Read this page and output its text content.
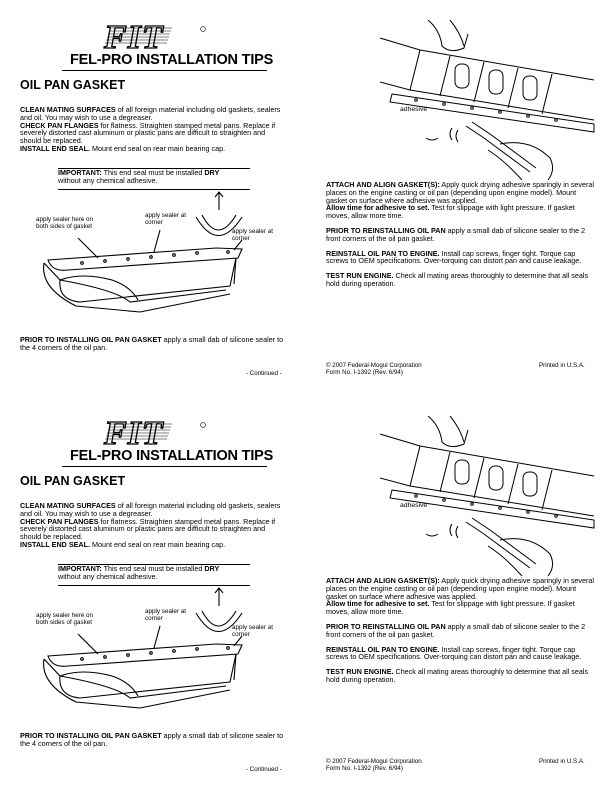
FIT
FEL-PRO INSTALLATION TIPS
OIL PAN GASKET

CLEAN MATING SURFACES of all foreign material including old gaskets, sealers and oil. You may wish to use a degreaser.

CHECK PAN FLANGES for flatness. Straighten stamped metal pans. Replace if severely distorted cast aluminum or plastic pans are difficult to straighten and should be replaced.

INSTALL END SEAL. Mount end seal on rear main bearing cap.

IMPORTANT: This end seal must be installed DRY
without any chemical adhesive.
apply sealer here on both sides of gasket
apply sealer at corner
apply sealer at corner
PRIOR TO INSTALLING OIL PAN GASKET apply a small dab of silicone sealer to the 4 corners of the oil pan.
- Continued -
adhesive

ATTACH AND ALIGN GASKET(S): Apply quick drying adhesive sparingly in several places on the engine casting or oil pan (depending upon engine model). Mount gasket on surface where adhesive was applied.
Allow time for adhesive to set. Test for slippage with light pressure. If gasket moves, allow more time.

PRIOR TO REINSTALLING OIL PAN apply a small dab of silicone sealer to the 2 front corners of the oil pan gasket.

REINSTALL OIL PAN TO ENGINE. Install cap screws, finger tight. Torque cap screws to OEM specifications. Over-torquing can distort pan and cause leakage.

TEST RUN ENGINE. Check all mating areas thoroughly to determine that all seals hold during operation.

© 2007 Federal-Mogul Corporation
Form No. I-1392 (Rev. 6/94)
Printed in U.S.A.
FIT
FEL-PRO INSTALLATION TIPS
OIL PAN GASKET

CLEAN MATING SURFACES of all foreign material including old gaskets, sealers and oil. You may wish to use a degreaser.

CHECK PAN FLANGES for flatness. Straighten stamped metal pans. Replace if severely distorted cast aluminum or plastic pans are difficult to straighten and should be replaced.

INSTALL END SEAL. Mount end seal on rear main bearing cap.

IMPORTANT: This end seal must be installed DRY
without any chemical adhesive.
apply sealer here on both sides of gasket
apply sealer at corner
apply sealer at corner
PRIOR TO INSTALLING OIL PAN GASKET apply a small dab of silicone sealer to the 4 corners of the oil pan.
- Continued -
adhesive

ATTACH AND ALIGN GASKET(S): Apply quick drying adhesive sparingly in several places on the engine casting or oil pan (depending upon engine model). Mount gasket on surface where adhesive was applied.
Allow time for adhesive to set. Test for slippage with light pressure. If gasket moves, allow more time.

PRIOR TO REINSTALLING OIL PAN apply a small dab of silicone sealer to the 2 front corners of the oil pan gasket.

REINSTALL OIL PAN TO ENGINE. Install cap screws, finger tight. Torque cap screws to OEM specifications. Over-torquing can distort pan and cause leakage.

TEST RUN ENGINE. Check all mating areas thoroughly to determine that all seals hold during operation.

© 2007 Federal-Mogul Corporation
Form No. I-1392 (Rev. 6/94)
Printed in U.S.A.
